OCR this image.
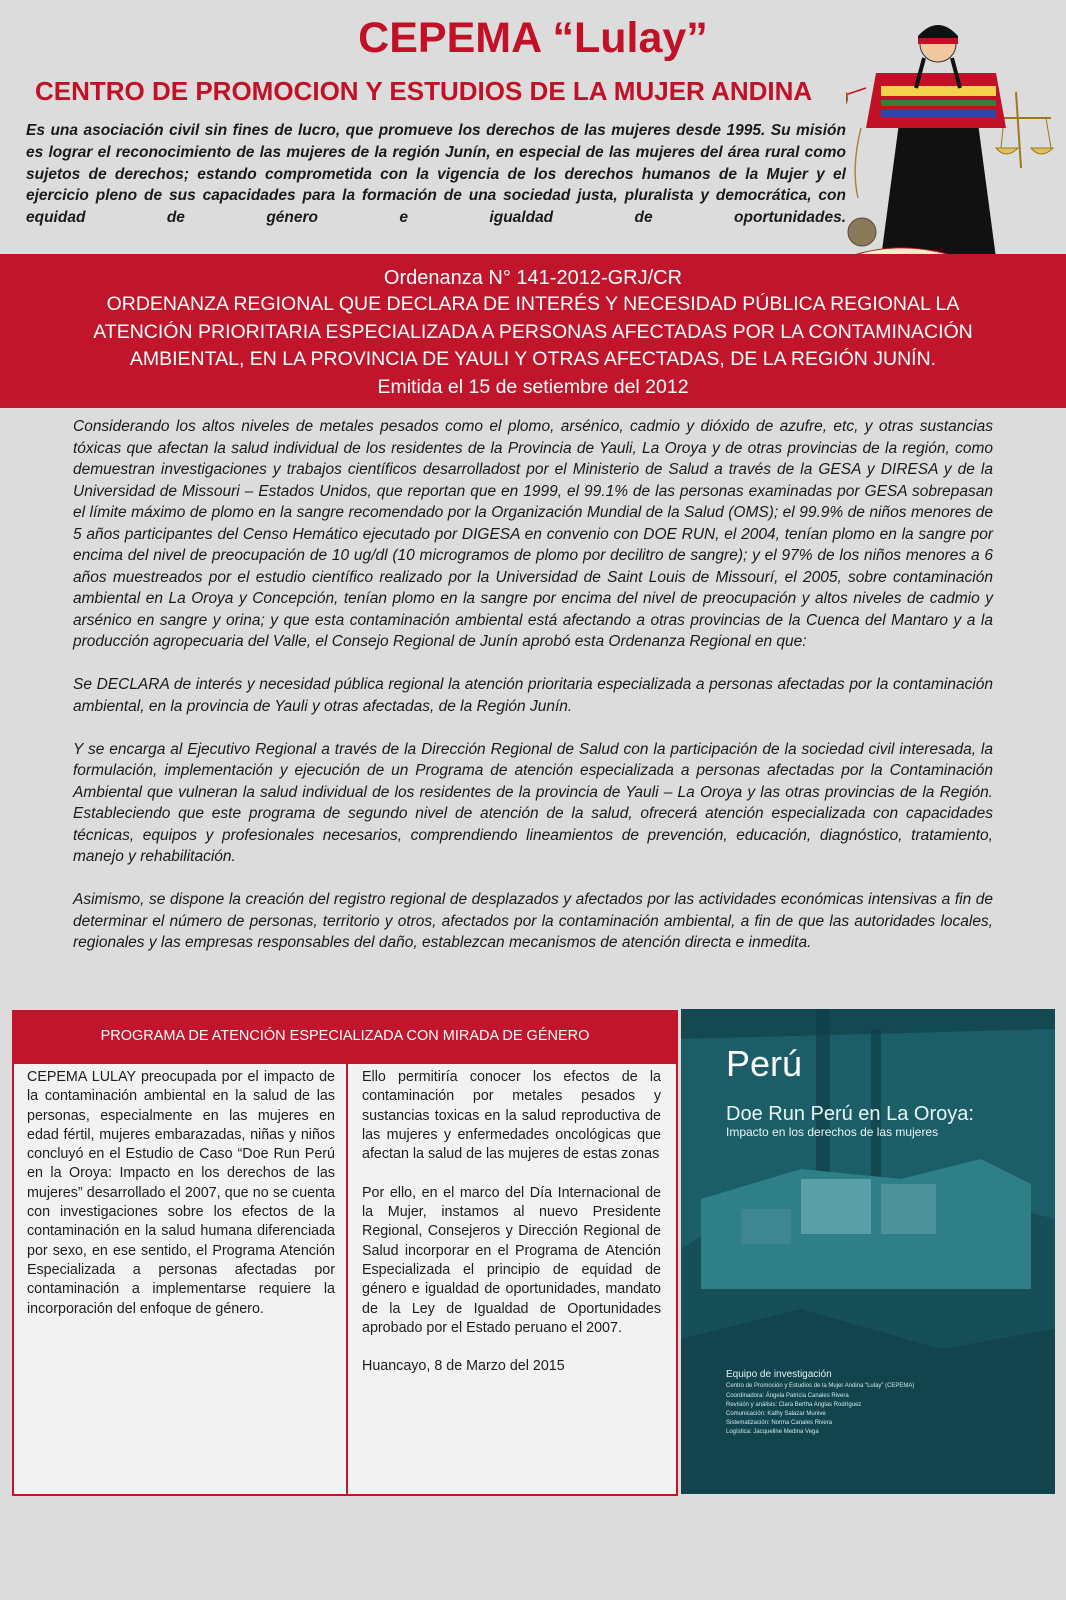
CEPEMA “Lulay”
CENTRO DE PROMOCION Y ESTUDIOS DE LA MUJER ANDINA

Es una asociación civil sin fines de lucro, que promueve los derechos de las mujeres desde 1995. Su misión es lograr el reconocimiento de las mujeres de la región Junín, en especial de las mujeres del área rural como sujetos de derechos; estando comprometida con la vigencia de los derechos humanos de la Mujer y el ejercicio pleno de sus capacidades para la formación de una sociedad justa, pluralista y democrática, con equidad de género e igualdad de oportunidades.

Ordenanza N° 141-2012-GRJ/CR
ORDENANZA REGIONAL QUE DECLARA DE INTERÉS Y NECESIDAD PÚBLICA REGIONAL LA ATENCIÓN PRIORITARIA ESPECIALIZADA A PERSONAS AFECTADAS POR LA CONTAMINACIÓN AMBIENTAL, EN LA PROVINCIA DE YAULI Y OTRAS AFECTADAS, DE LA REGIÓN JUNÍN.
Emitida el 15 de setiembre del 2012

Considerando los altos niveles de metales pesados como el plomo, arsénico, cadmio y dióxido de azufre, etc, y otras sustancias tóxicas que afectan la salud individual de los residentes de la Provincia de Yauli, La Oroya y de otras provincias de la región, como demuestran investigaciones y trabajos científicos desarrolladost por el Ministerio de Salud a través de la GESA y DIRESA y de la Universidad de Missouri – Estados Unidos, que reportan que en 1999, el 99.1% de las personas examinadas por GESA sobrepasan el límite máximo de plomo en la sangre recomendado por la Organización Mundial de la Salud (OMS); el 99.9% de niños menores de 5 años participantes del Censo Hemático ejecutado por DIGESA en convenio con DOE RUN, el 2004, tenían plomo en la sangre por encima del nivel de preocupación de 10 ug/dl (10 microgramos de plomo por decilitro de sangre); y el 97% de los niños menores a 6 años muestreados por el estudio científico realizado por la Universidad de Saint Louis de Missourí, el 2005, sobre contaminación ambiental en La Oroya y Concepción, tenían plomo en la sangre por encima del nivel de preocupación y altos niveles de cadmio y arsénico en sangre y orina; y que esta contaminación ambiental está afectando a otras provincias de la Cuenca del Mantaro y a la producción agropecuaria del Valle, el Consejo Regional de Junín aprobó esta Ordenanza Regional en que:

Se DECLARA de interés y necesidad pública regional la atención prioritaria especializada a personas afectadas por la contaminación ambiental, en la provincia de Yauli y otras afectadas, de la Región Junín.

Y se encarga al Ejecutivo Regional a través de la Dirección Regional de Salud con la participación de la sociedad civil interesada, la formulación, implementación y ejecución de un Programa de atención especializada a personas afectadas por la Contaminación Ambiental que vulneran la salud individual de los residentes de la provincia de Yauli – La Oroya y las otras provincias de la Región. Estableciendo que este programa de segundo nivel de atención de la salud, ofrecerá atención especializada con capacidades técnicas, equipos y profesionales necesarios, comprendiendo lineamientos de prevención, educación, diagnóstico, tratamiento, manejo y rehabilitación.

Asimismo, se dispone la creación del registro regional de desplazados y afectados por las actividades económicas intensivas a fin de determinar el número de personas, territorio y otros, afectados por la contaminación ambiental, a fin de que las autoridades locales, regionales y las empresas responsables del daño, establezcan mecanismos de atención directa e inmedita.

PROGRAMA DE ATENCIÓN ESPECIALIZADA CON MIRADA DE GÉNERO

CEPEMA LULAY preocupada por el impacto de la contaminación ambiental en la salud de las personas, especialmente en las mujeres en edad fértil, mujeres embarazadas, niñas y niños concluyó en el Estudio de Caso “Doe Run Perú en la Oroya: Impacto en los derechos de las mujeres” desarrollado el 2007, que no se cuenta con investigaciones sobre los efectos de la contaminación en la salud humana diferenciada por sexo, en ese sentido, el Programa Atención Especializada a personas afectadas por contaminación a implementarse requiere la incorporación del enfoque de género.

Ello permitiría conocer los efectos de la contaminación por metales pesados y sustancias toxicas en la salud reproductiva de las mujeres y enfermedades oncológicas que afectan la salud de las mujeres de estas zonas

Por ello, en el marco del Día Internacional de la Mujer, instamos al nuevo Presidente Regional, Consejeros y Dirección Regional de Salud incorporar en el Programa de Atención Especializada el principio de equidad de género e igualdad de oportunidades, mandato de la Ley de Igualdad de Oportunidades aprobado por el Estado peruano el 2007.

Huancayo, 8 de Marzo del 2015

Perú
Doe Run Perú en La Oroya:
Impacto en los derechos de las mujeres
Equipo de investigación
Centro de Promoción y Estudios de la Mujer Andina “Lulay” (CEPEMA)
Coordinadora: Ángela Patricia Canales Rivera
Revisión y análisis: Clara Bertha Anglas Rodríguez
Comunicación: Kathy Salazar Munive
Sistematización: Norma Canales Rivera
Logística: Jacqueline Medina Vega
